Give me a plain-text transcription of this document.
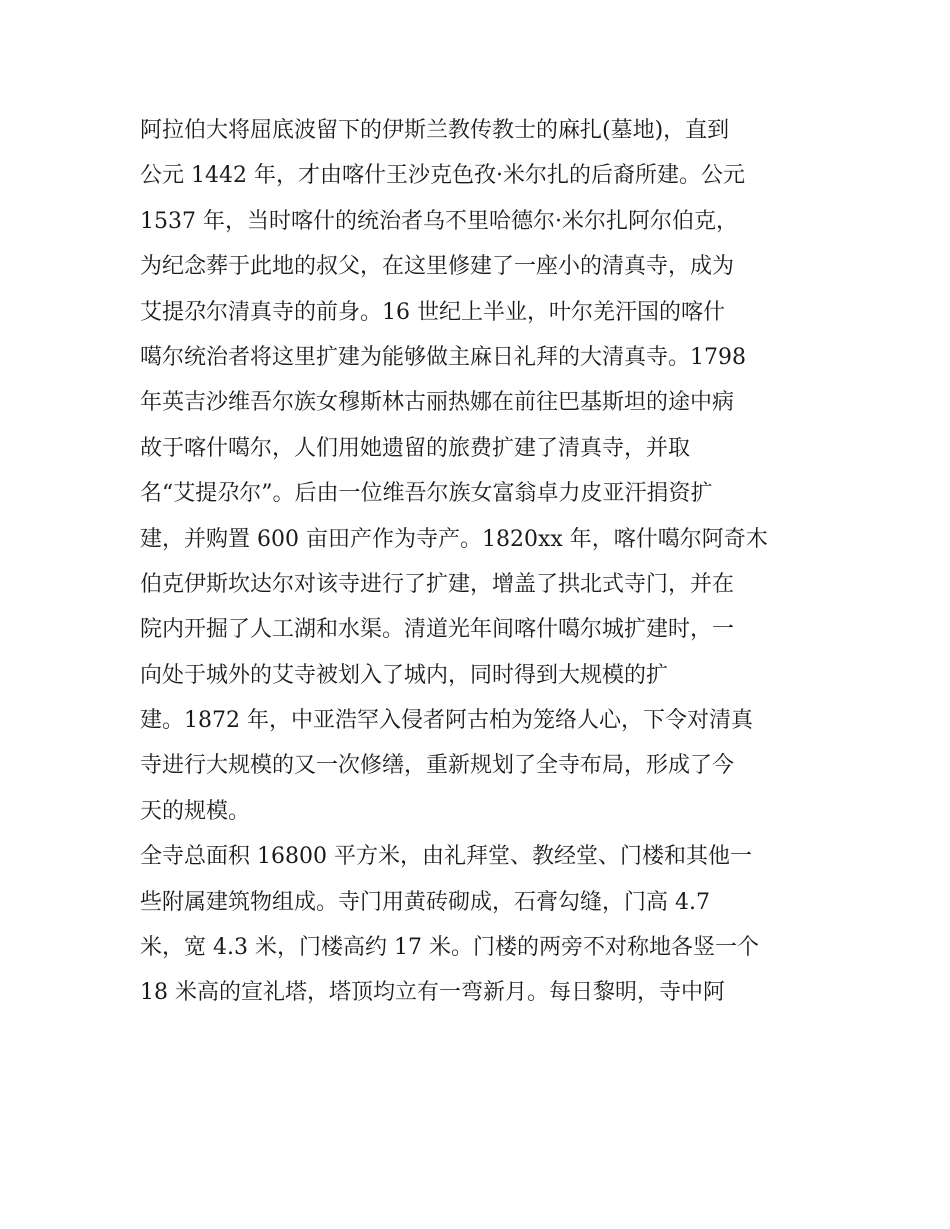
阿拉伯大将屈底波留下的伊斯兰教传教士的麻扎(墓地)，直到
公元 1442 年，才由喀什王沙克色孜·米尔扎的后裔所建。公元
1537 年，当时喀什的统治者乌不里哈德尔·米尔扎阿尔伯克，
为纪念葬于此地的叔父，在这里修建了一座小的清真寺，成为
艾提尕尔清真寺的前身。16 世纪上半业，叶尔羌汗国的喀什
噶尔统治者将这里扩建为能够做主麻日礼拜的大清真寺。1798
年英吉沙维吾尔族女穆斯林古丽热娜在前往巴基斯坦的途中病
故于喀什噶尔，人们用她遗留的旅费扩建了清真寺，并取
名“艾提尕尔”。后由一位维吾尔族女富翁卓力皮亚汗捐资扩
建，并购置 600 亩田产作为寺产。1820xx 年，喀什噶尔阿奇木
伯克伊斯坎达尔对该寺进行了扩建，增盖了拱北式寺门，并在
院内开掘了人工湖和水渠。清道光年间喀什噶尔城扩建时，一
向处于城外的艾寺被划入了城内，同时得到大规模的扩
建。1872 年，中亚浩罕入侵者阿古柏为笼络人心，下令对清真
寺进行大规模的又一次修缮，重新规划了全寺布局，形成了今
天的规模。
全寺总面积 16800 平方米，由礼拜堂、教经堂、门楼和其他一
些附属建筑物组成。寺门用黄砖砌成，石膏勾缝，门高 4.7
米，宽 4.3 米，门楼高约 17 米。门楼的两旁不对称地各竖一个
18 米高的宣礼塔，塔顶均立有一弯新月。每日黎明，寺中阿
